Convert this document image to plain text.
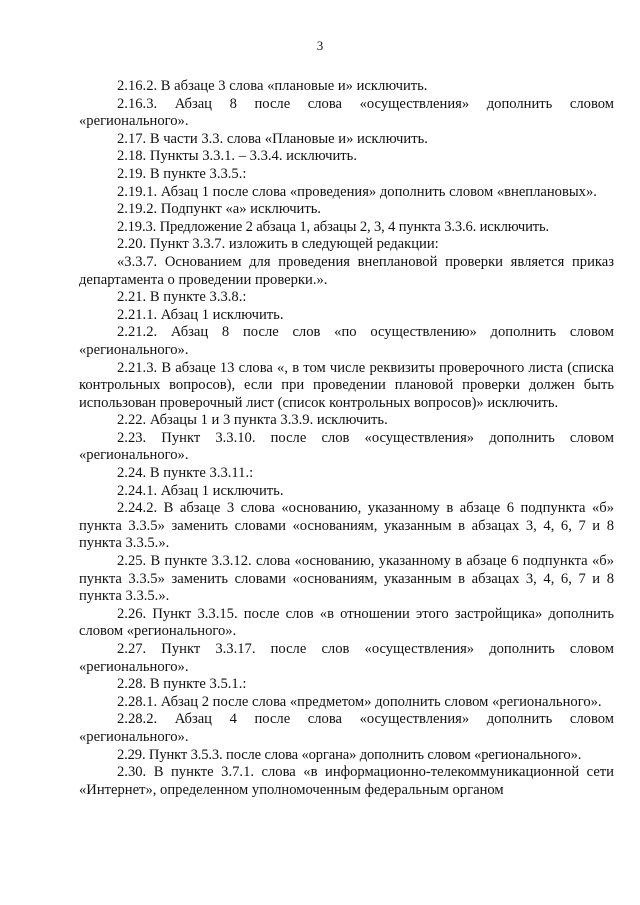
3

2.16.2. В абзаце 3 слова «плановые и» исключить.

2.16.3. Абзац 8 после слова «осуществления» дополнить словом «регионального».

2.17. В части 3.3. слова «Плановые и» исключить.

2.18. Пункты 3.3.1. – 3.3.4. исключить.

2.19. В пункте 3.3.5.:

2.19.1. Абзац 1 после слова «проведения» дополнить словом «внеплановых».

2.19.2. Подпункт «а» исключить.

2.19.3. Предложение 2 абзаца 1, абзацы 2, 3, 4 пункта 3.3.6. исключить.

2.20. Пункт 3.3.7. изложить в следующей редакции:

«3.3.7. Основанием для проведения внеплановой проверки является приказ департамента о проведении проверки.».

2.21. В пункте 3.3.8.:

2.21.1. Абзац 1 исключить.

2.21.2. Абзац 8 после слов «по осуществлению» дополнить словом «регионального».

2.21.3. В абзаце 13 слова «, в том числе реквизиты проверочного листа (списка контрольных вопросов), если при проведении плановой проверки должен быть использован проверочный лист (список контрольных вопросов)» исключить.

2.22. Абзацы 1 и 3 пункта 3.3.9. исключить.

2.23. Пункт 3.3.10. после слов «осуществления» дополнить словом «регионального».

2.24. В пункте 3.3.11.:

2.24.1. Абзац 1 исключить.

2.24.2. В абзаце 3 слова «основанию, указанному в абзаце 6 подпункта «б» пункта 3.3.5» заменить словами «основаниям, указанным в абзацах 3, 4, 6, 7 и 8 пункта 3.3.5.».

2.25. В пункте 3.3.12. слова «основанию, указанному в абзаце 6 подпункта «б» пункта 3.3.5» заменить словами «основаниям, указанным в абзацах 3, 4, 6, 7 и 8 пункта 3.3.5.».

2.26. Пункт 3.3.15. после слов «в отношении этого застройщика» дополнить словом «регионального».

2.27. Пункт 3.3.17. после слов «осуществления» дополнить словом «регионального».

2.28. В пункте 3.5.1.:

2.28.1. Абзац 2 после слова «предметом» дополнить словом «регионального».

2.28.2. Абзац 4 после слова «осуществления» дополнить словом «регионального».

2.29. Пункт 3.5.3. после слова «органа» дополнить словом «регионального».

2.30. В пункте 3.7.1. слова «в информационно-телекоммуникационной сети «Интернет», определенном уполномоченным федеральным органом
